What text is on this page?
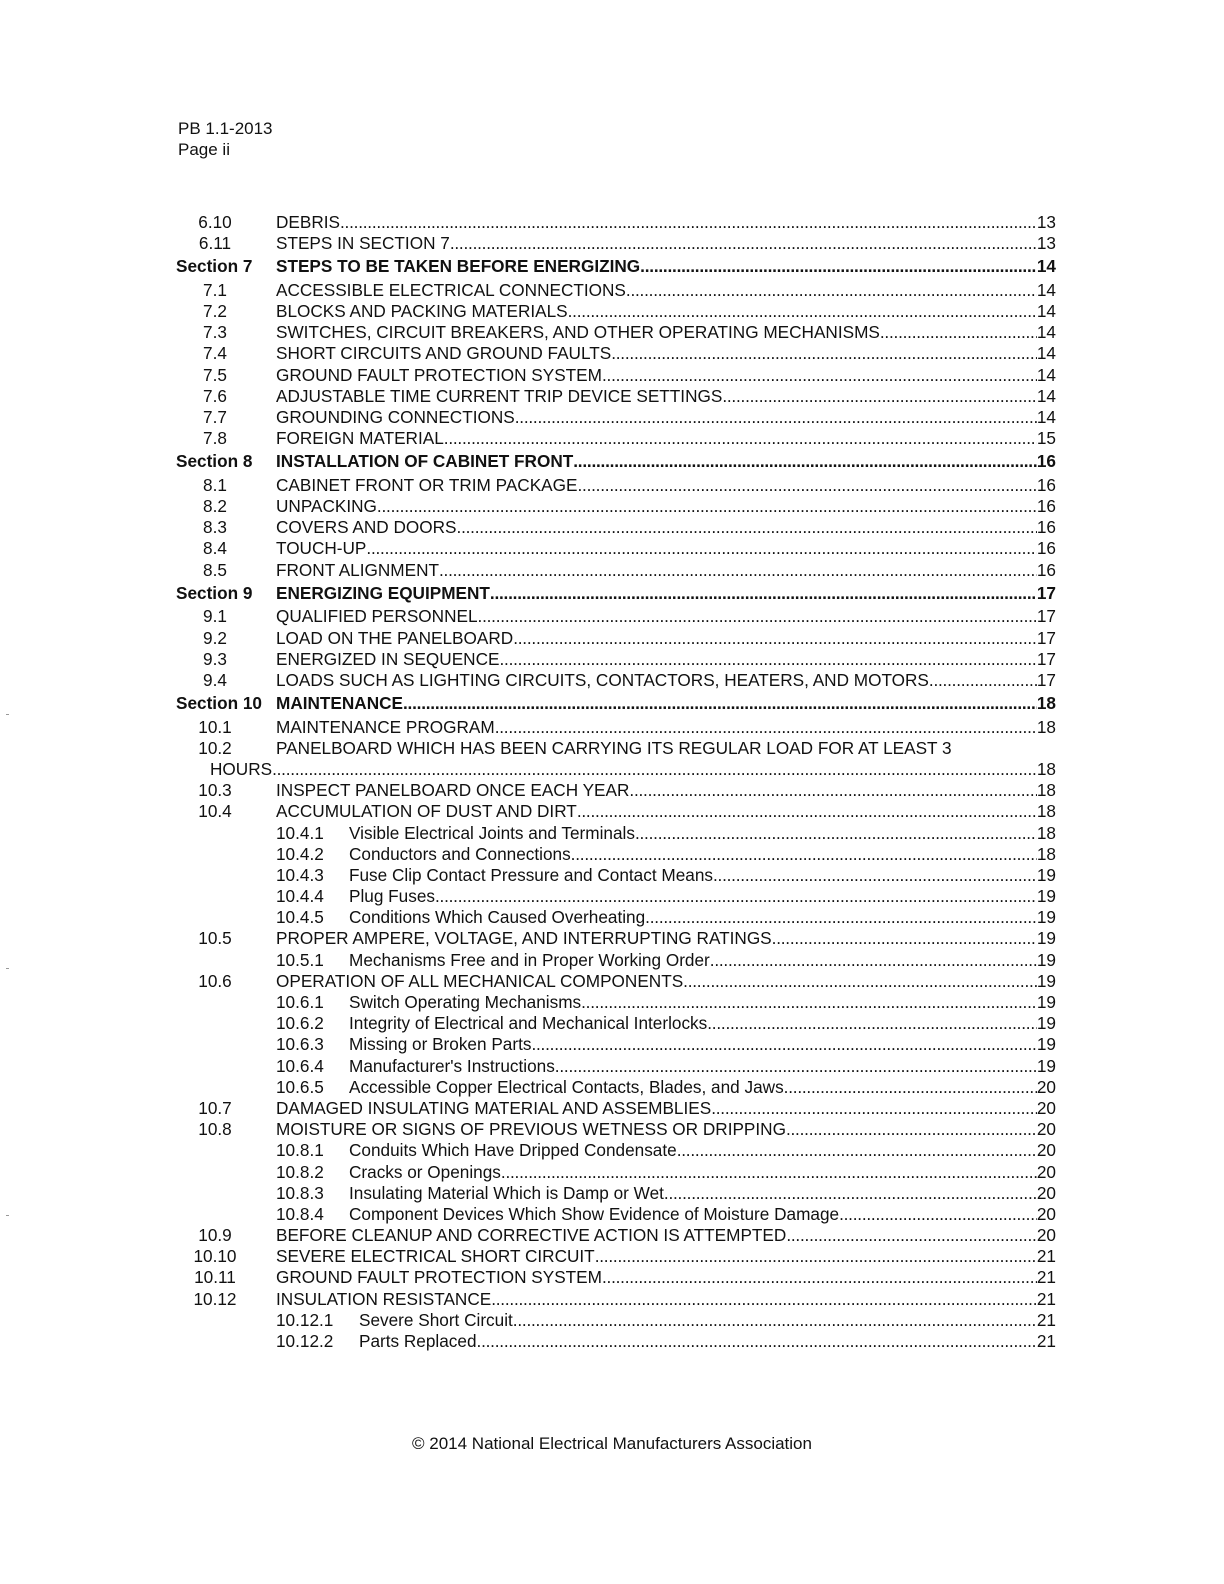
PB 1.1-2013
Page ii
6.10	DEBRIS . . .	13
6.11	STEPS IN SECTION 7 . . .	13
Section 7	STEPS TO BE TAKEN BEFORE ENERGIZING . . .	14
7.1	ACCESSIBLE ELECTRICAL CONNECTIONS . . .	14
7.2	BLOCKS AND PACKING MATERIALS . . .	14
7.3	SWITCHES, CIRCUIT BREAKERS, AND OTHER OPERATING MECHANISMS . . .	14
7.4	SHORT CIRCUITS AND GROUND FAULTS . . .	14
7.5	GROUND FAULT PROTECTION SYSTEM . . .	14
7.6	ADJUSTABLE TIME CURRENT TRIP DEVICE SETTINGS . . .	14
7.7	GROUNDING CONNECTIONS . . .	14
7.8	FOREIGN MATERIAL . . .	15
Section 8	INSTALLATION OF CABINET FRONT . . .	16
8.1	CABINET FRONT OR TRIM PACKAGE . . .	16
8.2	UNPACKING . . .	16
8.3	COVERS AND DOORS . . .	16
8.4	TOUCH-UP . . .	16
8.5	FRONT ALIGNMENT . . .	16
Section 9	ENERGIZING EQUIPMENT . . .	17
9.1	QUALIFIED PERSONNEL . . .	17
9.2	LOAD ON THE PANELBOARD . . .	17
9.3	ENERGIZED IN SEQUENCE . . .	17
9.4	LOADS SUCH AS LIGHTING CIRCUITS, CONTACTORS, HEATERS, AND MOTORS . . .	17
Section 10 MAINTENANCE . . .	18
10.1	MAINTENANCE PROGRAM . . .	18
10.2	PANELBOARD WHICH HAS BEEN CARRYING ITS REGULAR LOAD FOR AT LEAST 3
HOURS . . .	18
10.3	INSPECT PANELBOARD ONCE EACH YEAR . . .	18
10.4	ACCUMULATION OF DUST AND DIRT . . .	18
10.4.1	Visible Electrical Joints and Terminals . . .	18
10.4.2	Conductors and Connections . . .	18
10.4.3	Fuse Clip Contact Pressure and Contact Means . . .	19
10.4.4	Plug Fuses . . .	19
10.4.5	Conditions Which Caused Overheating . . .	19
10.5	PROPER AMPERE, VOLTAGE, AND INTERRUPTING RATINGS . . .	19
10.5.1	Mechanisms Free and in Proper Working Order . . .	19
10.6	OPERATION OF ALL MECHANICAL COMPONENTS . . .	19
10.6.1	Switch Operating Mechanisms . . .	19
10.6.2	Integrity of Electrical and Mechanical Interlocks . . .	19
10.6.3	Missing or Broken Parts . . .	19
10.6.4	Manufacturer's Instructions . . .	19
10.6.5	Accessible Copper Electrical Contacts, Blades, and Jaws . . .	20
10.7	DAMAGED INSULATING MATERIAL AND ASSEMBLIES . . .	20
10.8	MOISTURE OR SIGNS OF PREVIOUS WETNESS OR DRIPPING . . .	20
10.8.1	Conduits Which Have Dripped Condensate . . .	20
10.8.2	Cracks or Openings . . .	20
10.8.3	Insulating Material Which is Damp or Wet . . .	20
10.8.4	Component Devices Which Show Evidence of Moisture Damage . . .	20
10.9	BEFORE CLEANUP AND CORRECTIVE ACTION IS ATTEMPTED . . .	20
10.10	SEVERE ELECTRICAL SHORT CIRCUIT . . .	21
10.11	GROUND FAULT PROTECTION SYSTEM . . .	21
10.12	INSULATION RESISTANCE . . .	21
10.12.1	Severe Short Circuit . . .	21
10.12.2	Parts Replaced . . .	21
© 2014 National Electrical Manufacturers Association
